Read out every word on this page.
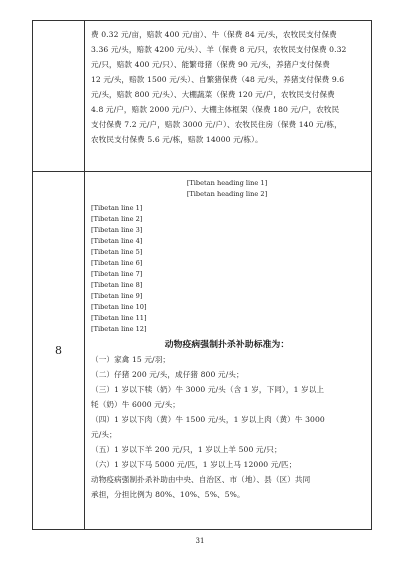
费 0.32 元/亩，赔款 400 元/亩）、牛（保费 84 元/头，农牧民支付保费

3.36 元/头，赔款 4200 元/头）、羊（保费 8 元/只，农牧民支付保费 0.32

元/只，赔款 400 元/只）、能繁母猪（保费 90 元/头，养猪户支付保费

12 元/头，赔款 1500 元/头）、自繁猪保费（48 元/头，养猪支付保费 9.6

元/头，赔款 800 元/头）、大棚蔬菜（保费 120 元/户，农牧民支付保费

4.8 元/户，赔款 2000 元/户）、大棚主体框架（保费 180 元/户，农牧民

支付保费 7.2 元/户，赔款 3000 元/户）、农牧民住房（保费 140 元/栋，

农牧民支付保费 5.6 元/栋，赔款 14000 元/栋）。

8

[Tibetan heading line 1]

[Tibetan heading line 2]

[Tibetan line 1]

[Tibetan line 2]

[Tibetan line 3]

[Tibetan line 4]

[Tibetan line 5]

[Tibetan line 6]

[Tibetan line 7]

[Tibetan line 8]

[Tibetan line 9]

[Tibetan line 10]

[Tibetan line 11]

[Tibetan line 12]

动物疫病强制扑杀补助标准为：

（一）家禽 15 元/羽；

（二）仔猪 200 元/头，成仔猪 800 元/头；

（三）1 岁以下犊（奶）牛 3000 元/头（含 1 岁，下同），1 岁以上

牦（奶）牛 6000 元/头；

（四）1 岁以下肉（黄）牛 1500 元/头，1 岁以上肉（黄）牛 3000

元/头；

（五）1 岁以下羊 200 元/只，1 岁以上羊 500 元/只；

（六）1 岁以下马 5000 元/匹，1 岁以上马 12000 元/匹；

动物疫病强制扑杀补助由中央、自治区、市（地）、县（区）共同

承担，分担比例为 80%、10%、5%、5%。

31
